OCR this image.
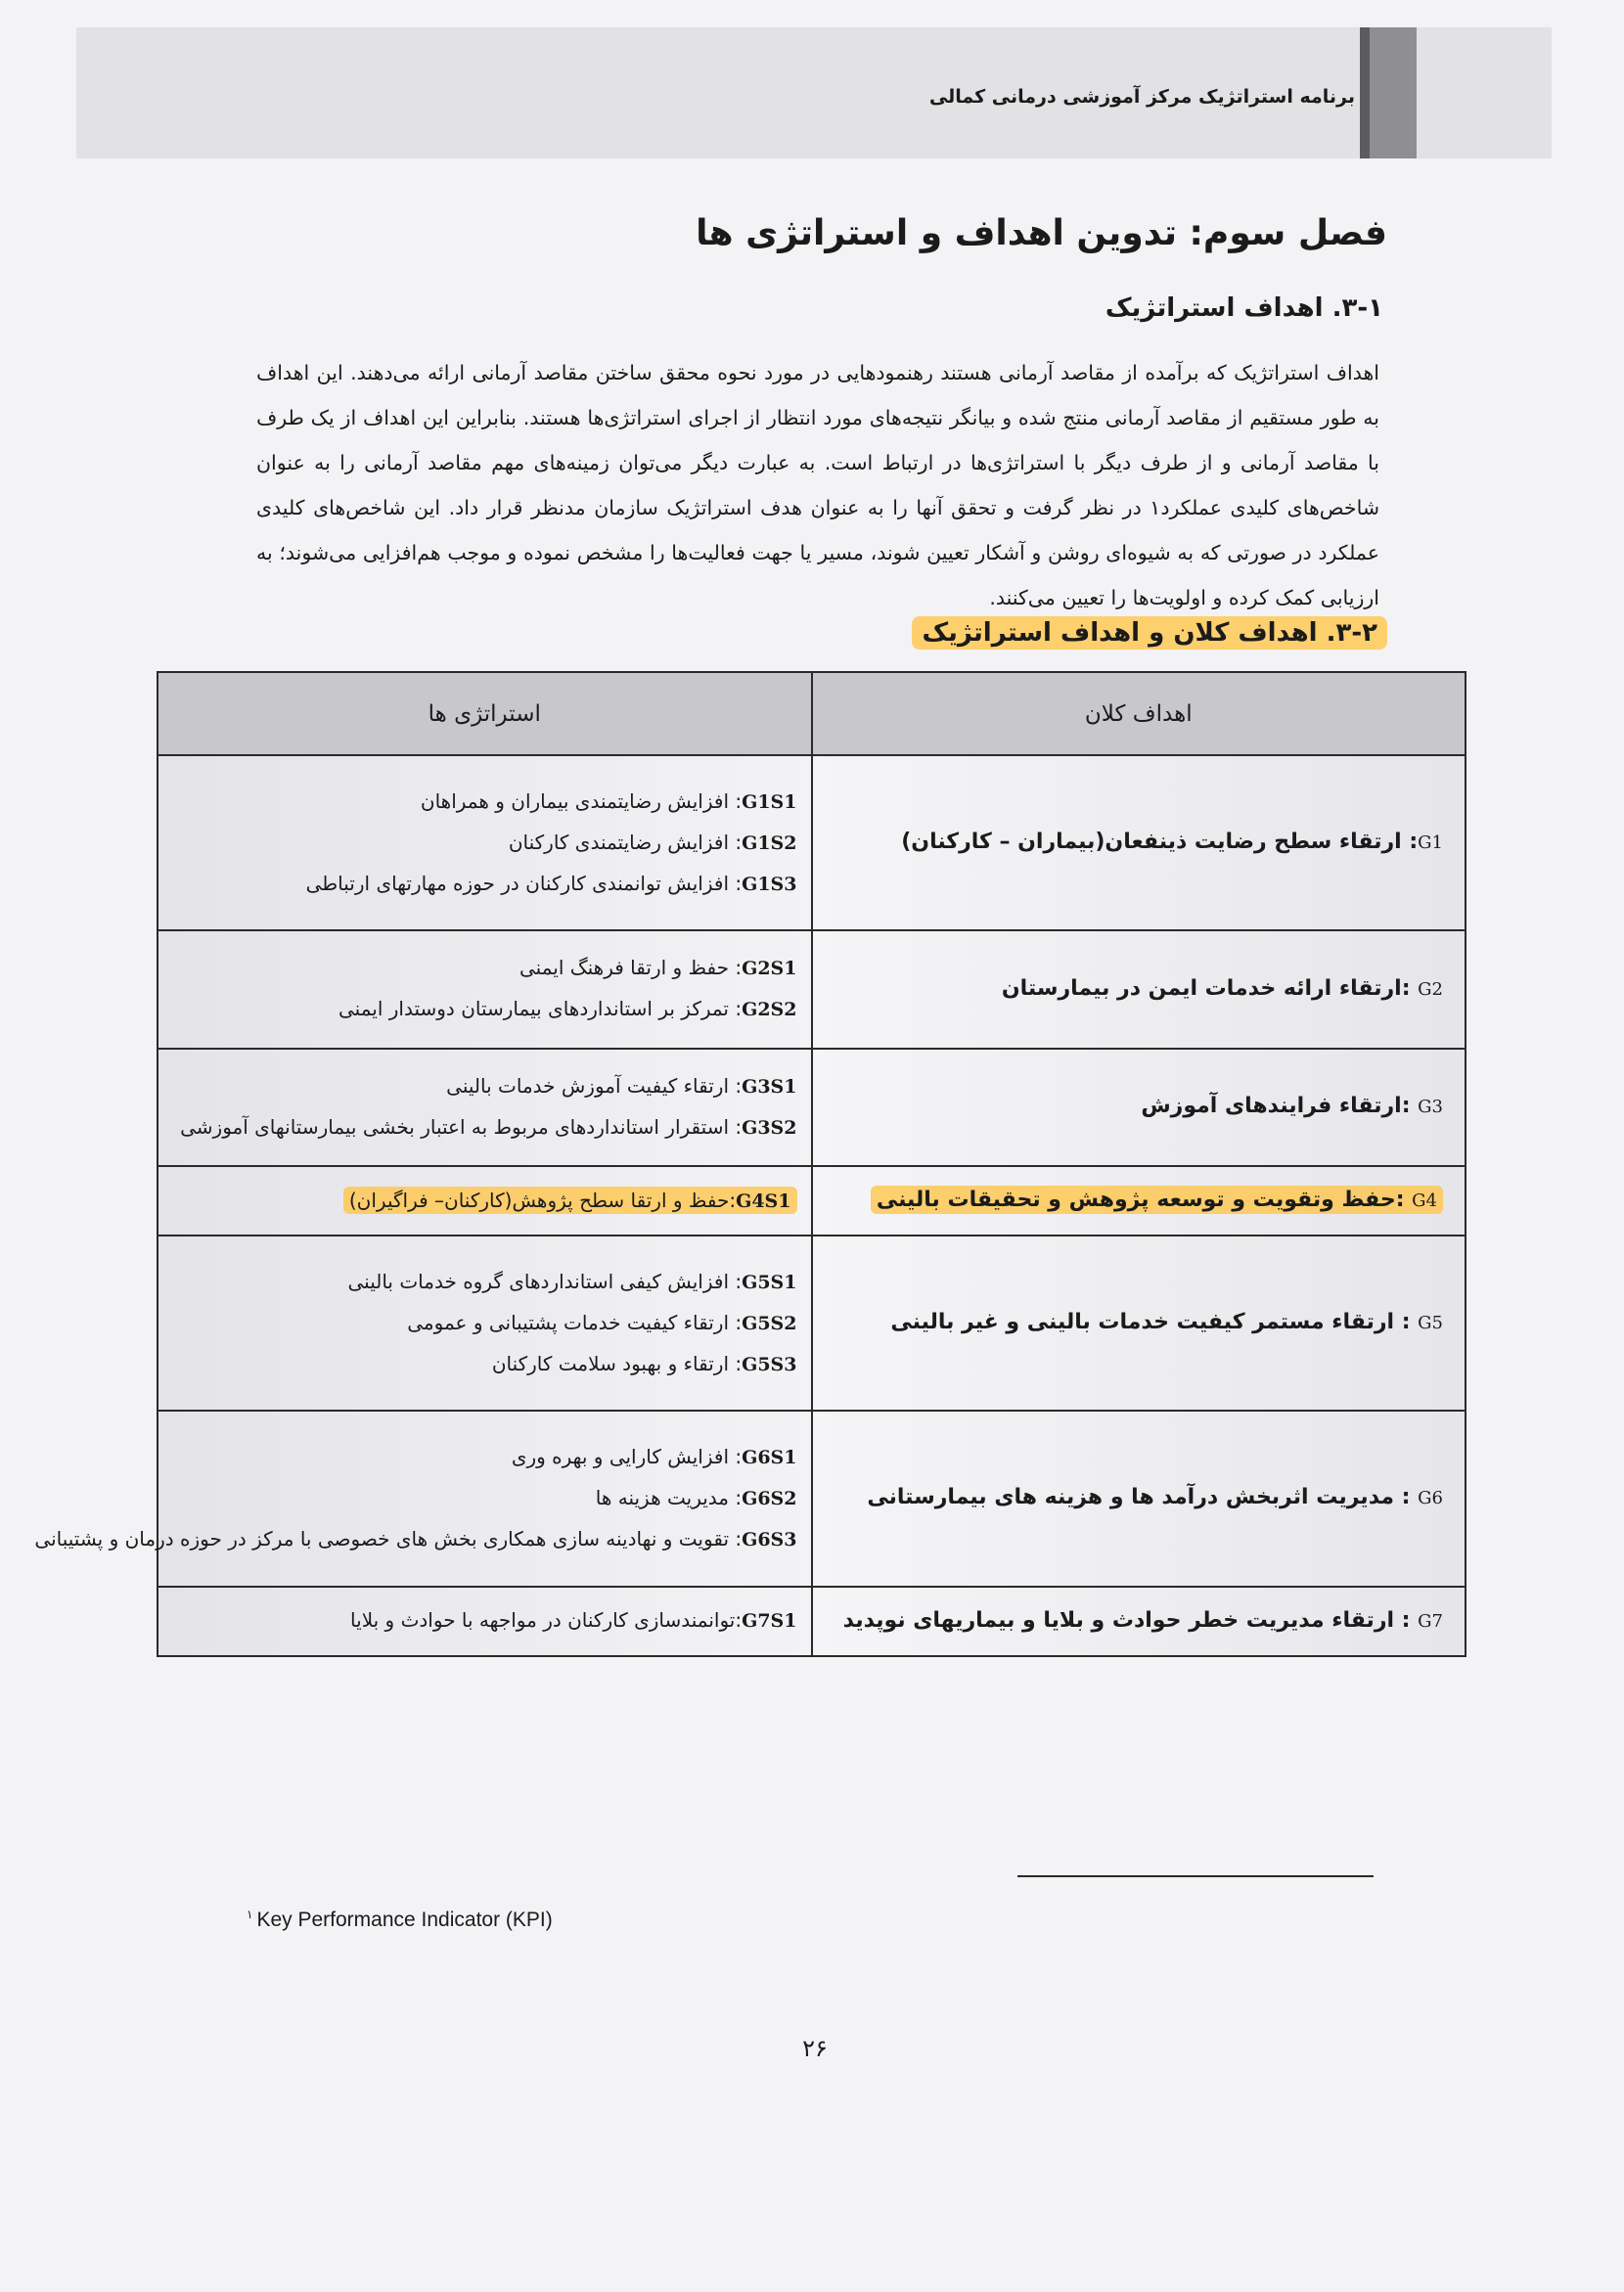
برنامه استراتژیک مرکز آموزشی درمانی کمالی
فصل سوم: تدوین اهداف و استراتژی ها
۳-۱. اهداف استراتژیک
اهداف استراتژیک که برآمده از مقاصد آرمانی هستند رهنمودهایی در مورد نحوه محقق ساختن مقاصد آرمانی ارائه می‌دهند. این اهداف به طور مستقیم از مقاصد آرمانی منتج شده و بیانگر نتیجه‌های مورد انتظار از اجرای استراتژی‌ها هستند. بنابراین این اهداف از یک طرف با مقاصد آرمانی و از طرف دیگر با استراتژی‌ها در ارتباط است. به عبارت دیگر می‌توان زمینه‌های مهم مقاصد آرمانی را به عنوان شاخص‌های کلیدی عملکرد۱ در نظر گرفت و تحقق آنها را به عنوان هدف استراتژیک سازمان مدنظر قرار داد. این شاخص‌های کلیدی عملکرد در صورتی که به شیوه‌ای روشن و آشکار تعیین شوند، مسیر یا جهت فعالیت‌ها را مشخص نموده و موجب هم‌افزایی می‌شوند؛ به ارزیابی کمک کرده و اولویت‌ها را تعیین می‌کنند.
۳-۲. اهداف کلان و اهداف استراتژیک
اهداف کلان	استراتژی ها
G1: ارتقاء سطح رضایت ذینفعان(بیماران – کارکنان)	G1S1: افزایش رضایتمندی بیماران و همراهان
G1S2: افزایش رضایتمندی کارکنان
G1S3: افزایش توانمندی کارکنان در حوزه مهارتهای ارتباطی

G2 :ارتقاء ارائه خدمات ایمن در بیمارستان	G2S1: حفظ و ارتقا فرهنگ ایمنی
G2S2: تمرکز بر استانداردهای بیمارستان دوستدار ایمنی

G3 :ارتقاء فرایندهای آموزش	G3S1: ارتقاء کیفیت آموزش خدمات بالینی
G3S2: استقرار استانداردهای مربوط به اعتبار بخشی بیمارستانهای آموزشی

G4 :حفظ وتقویت و توسعه پژوهش و تحقیقات بالینی	G4S1:حفظ و ارتقا سطح پژوهش(کارکنان– فراگیران)

G5 : ارتقاء مستمر کیفیت خدمات بالینی و غیر بالینی	G5S1: افزایش کیفی استانداردهای گروه خدمات بالینی
G5S2: ارتقاء کیفیت خدمات پشتیبانی و عمومی
G5S3: ارتقاء و بهبود سلامت کارکنان

G6 : مدیریت اثربخش درآمد ها و هزینه های بیمارستانی	G6S1: افزایش کارایی و بهره وری
G6S2: مدیریت هزینه ها
G6S3: تقویت و نهادینه سازی همکاری بخش های خصوصی با مرکز در حوزه درمان و پشتیبانی

G7 : ارتقاء مدیریت خطر حوادث و بلایا و بیماریهای نوپدید	G7S1:توانمندسازی کارکنان در مواجهه با حوادث و بلایا
$^۱$ Key Performance Indicator (KPI)
۲۶
